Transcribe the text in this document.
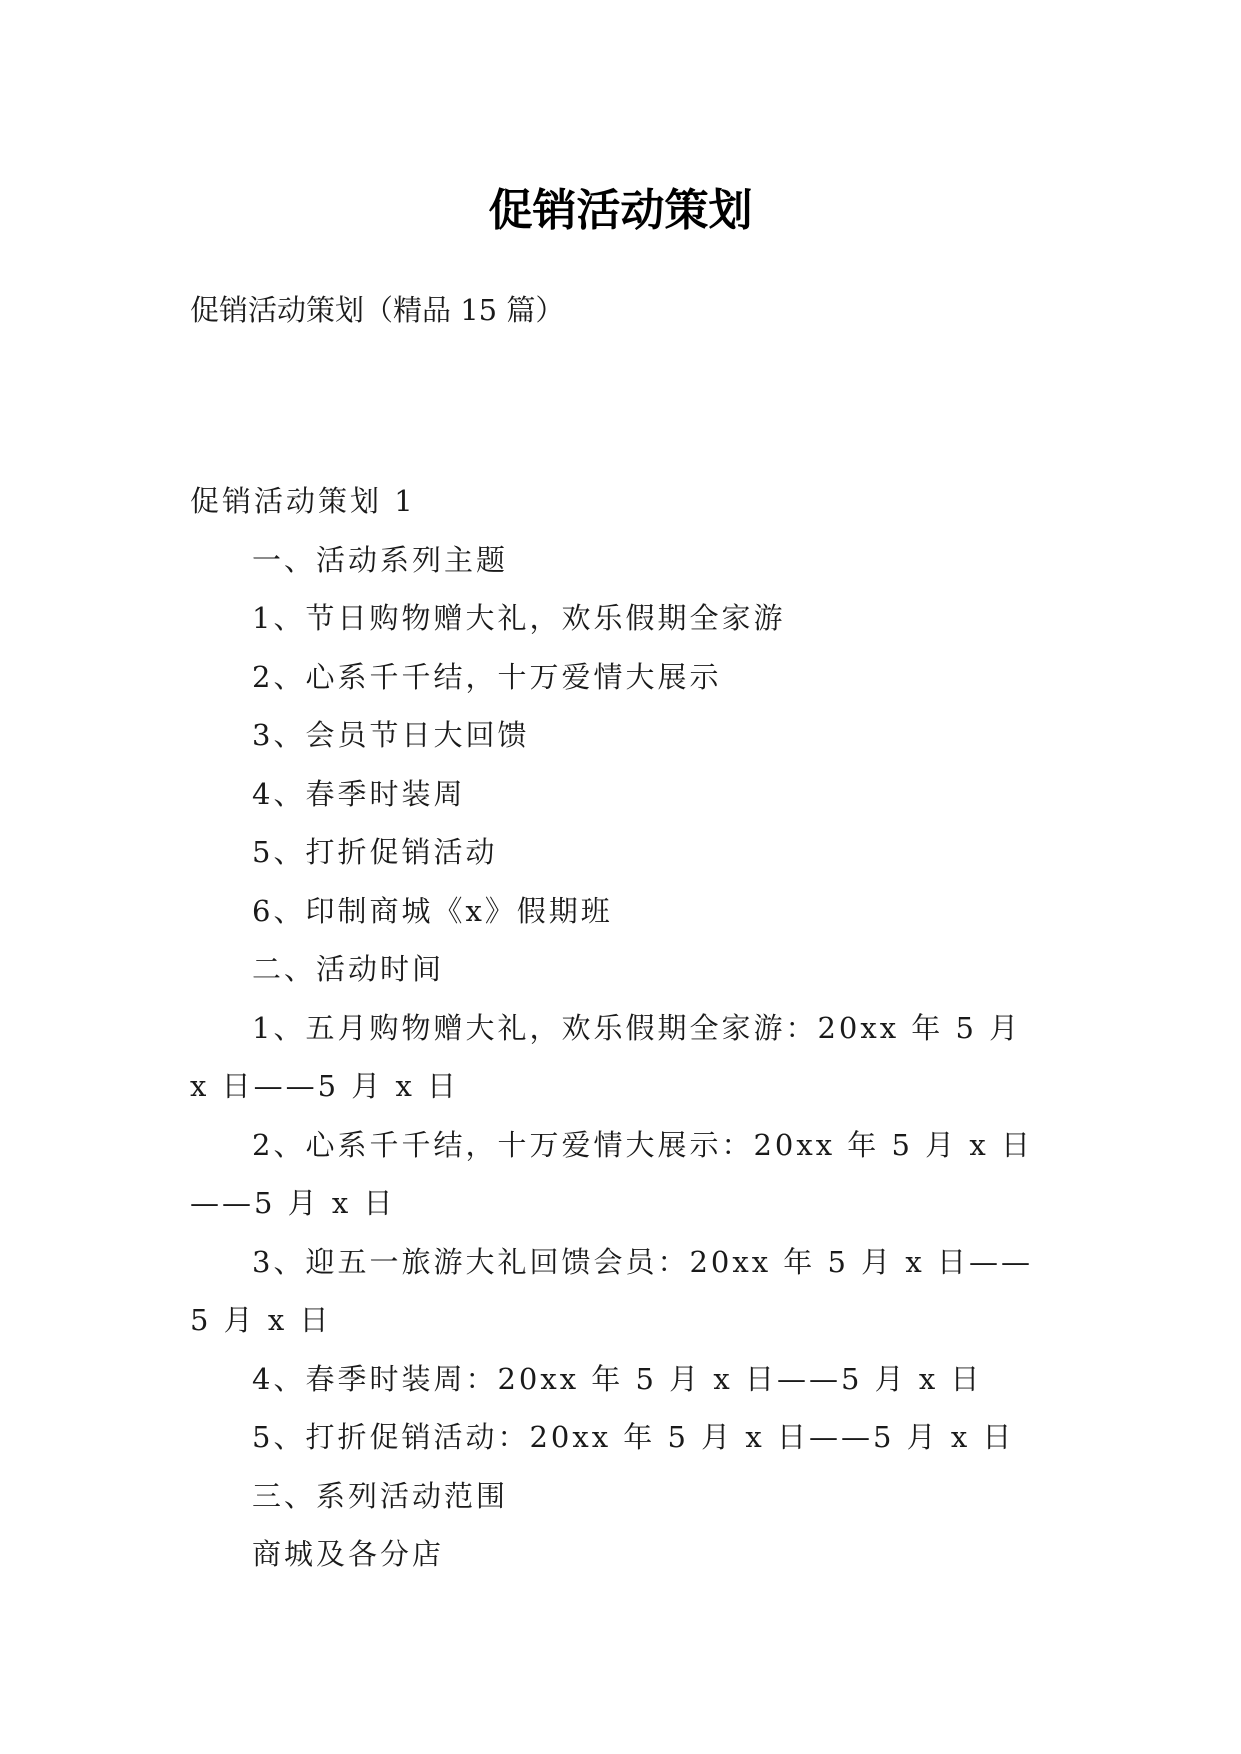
促销活动策划
促销活动策划（精品 15 篇）

促销活动策划 1

一、活动系列主题

1、节日购物赠大礼，欢乐假期全家游

2、心系千千结，十万爱情大展示

3、会员节日大回馈

4、春季时装周

5、打折促销活动

6、印制商城《x》假期班

二、活动时间

1、五月购物赠大礼，欢乐假期全家游：20xx 年 5 月 x 日——5 月 x 日

2、心系千千结，十万爱情大展示：20xx 年 5 月 x 日——5 月 x 日

3、迎五一旅游大礼回馈会员：20xx 年 5 月 x 日——5 月 x 日

4、春季时装周：20xx 年 5 月 x 日——5 月 x 日

5、打折促销活动：20xx 年 5 月 x 日——5 月 x 日

三、系列活动范围

商城及各分店
